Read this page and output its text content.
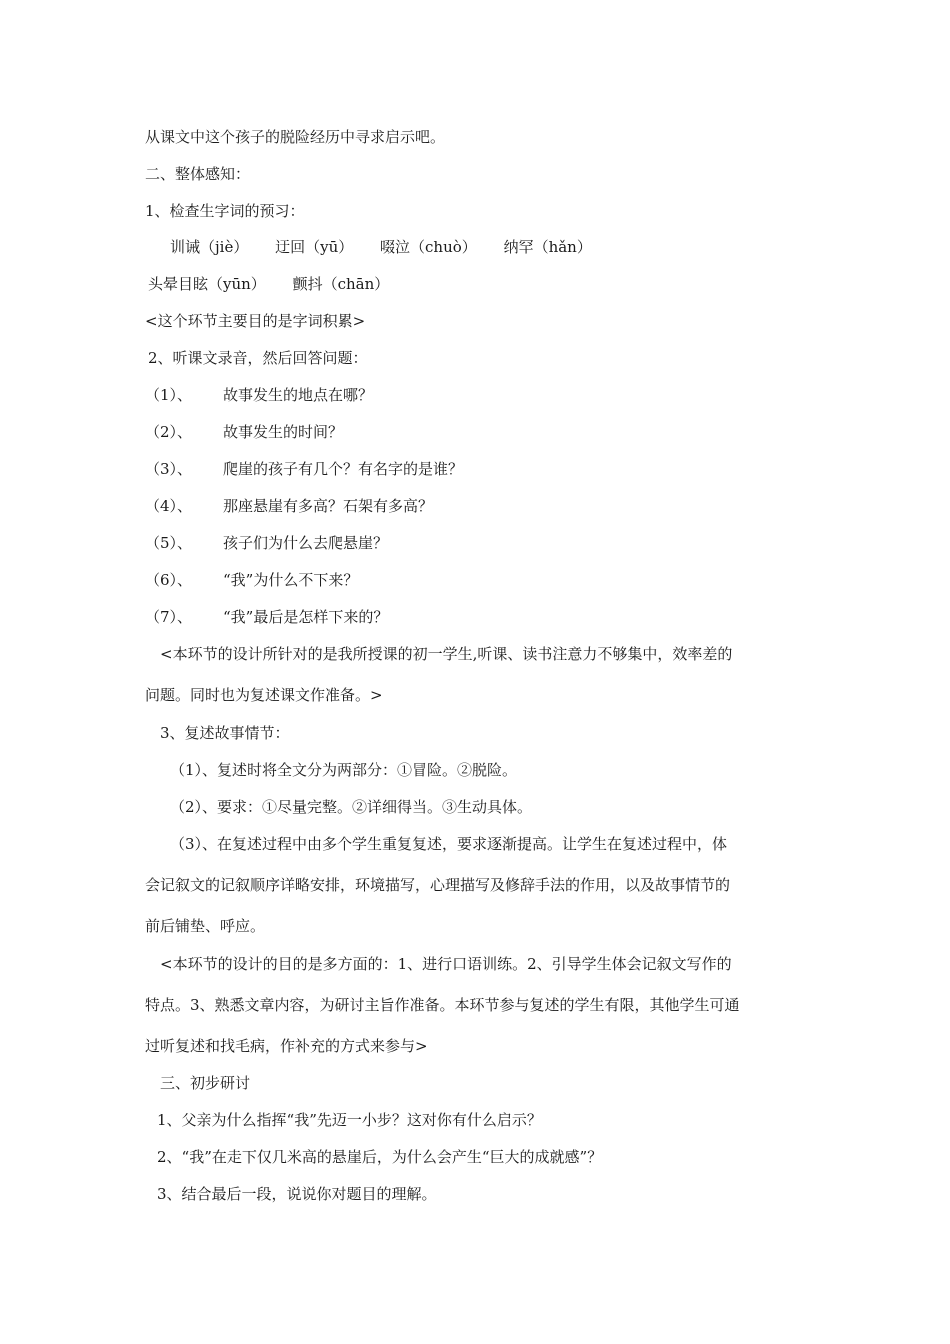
从课文中这个孩子的脱险经历中寻求启示吧。
二、整体感知：
1、检查生字词的预习：
训诫（jiè） 迂回（yū） 啜泣（chuò） 纳罕（hǎn）
头晕目眩（yūn） 颤抖（chān）
<这个环节主要目的是字词积累>
2、听课文录音，然后回答问题：
（1）、 故事发生的地点在哪？
（2）、 故事发生的时间？
（3）、 爬崖的孩子有几个？有名字的是谁？
（4）、 那座悬崖有多高？石架有多高？
（5）、 孩子们为什么去爬悬崖？
（6）、 “我”为什么不下来？
（7）、 “我”最后是怎样下来的？
<本环节的设计所针对的是我所授课的初一学生,听课、读书注意力不够集中，效率差的
问题。同时也为复述课文作准备。>
3、复述故事情节：
（1）、复述时将全文分为两部分：①冒险。②脱险。
（2）、要求：①尽量完整。②详细得当。③生动具体。
（3）、在复述过程中由多个学生重复复述，要求逐渐提高。让学生在复述过程中，体
会记叙文的记叙顺序详略安排，环境描写，心理描写及修辞手法的作用，以及故事情节的
前后铺垫、呼应。
<本环节的设计的目的是多方面的：1、进行口语训练。2、引导学生体会记叙文写作的
特点。3、熟悉文章内容，为研讨主旨作准备。本环节参与复述的学生有限，其他学生可通
过听复述和找毛病，作补充的方式来参与>
三、初步研讨
1、父亲为什么指挥“我”先迈一小步？这对你有什么启示？
2、“我”在走下仅几米高的悬崖后，为什么会产生“巨大的成就感”？
3、结合最后一段，说说你对题目的理解。
